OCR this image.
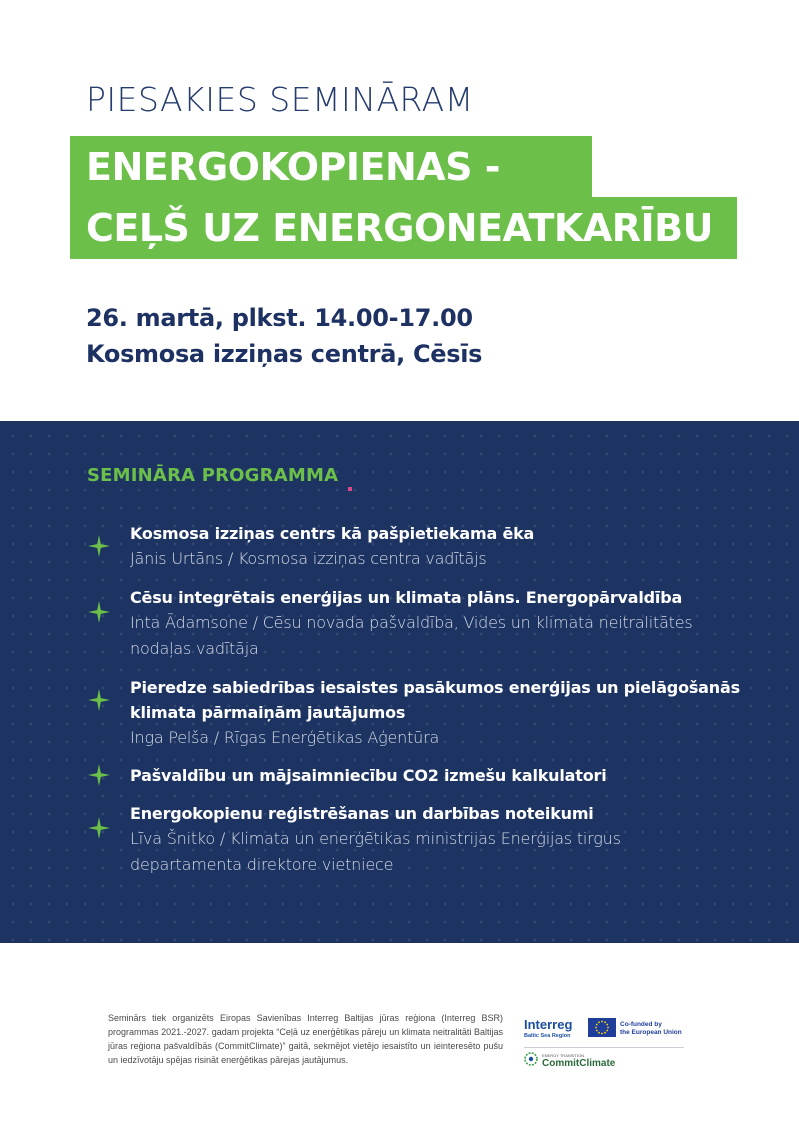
PIESAKIES SEMINĀRAM
ENERGOKOPIENAS -
CEĻŠ UZ ENERGONEATKARĪBU
26. martā, plkst. 14.00-17.00
Kosmosa izziņas centrā, Cēsīs
SEMINĀRA PROGRAMMA
Kosmosa izziņas centrs kā pašpietiekama ēka
Jānis Urtāns / Kosmosa izziņas centra vadītājs
Cēsu integrētais enerģijas un klimata plāns. Energopārvaldība
Inta Ādamsone / Cēsu novada pašvaldība, Vides un klimata neitralitātes
nodaļas vadītāja
Pieredze sabiedrības iesaistes pasākumos enerģijas un pielāgošanās
klimata pārmaiņām jautājumos
Inga Pelša / Rīgas Enerģētikas Aģentūra
Pašvaldību un mājsaimniecību CO2 izmešu kalkulatori
Energokopienu reģistrēšanas un darbības noteikumi
Līva Šnitko / Klimata un enerģētikas ministrijas Enerģijas tirgus
departamenta direktore vietniece
Seminārs tiek organizēts Eiropas Savienības Interreg Baltijas jūras reģiona (Interreg BSR) programmas 2021.-2027. gadam projekta “Ceļā uz enerģētikas pāreju un klimata neitralitāti Baltijas jūras reģiona pašvaldībās (CommitClimate)” gaitā, sekmējot vietējo iesaistīto un ieinteresēto pušu un iedzīvotāju spējas risināt enerģētikas pārejas jautājumus.
Interreg
Baltic Sea Region
Co-funded by
the European Union
ENERGY TRANSITION
CommitClimate
